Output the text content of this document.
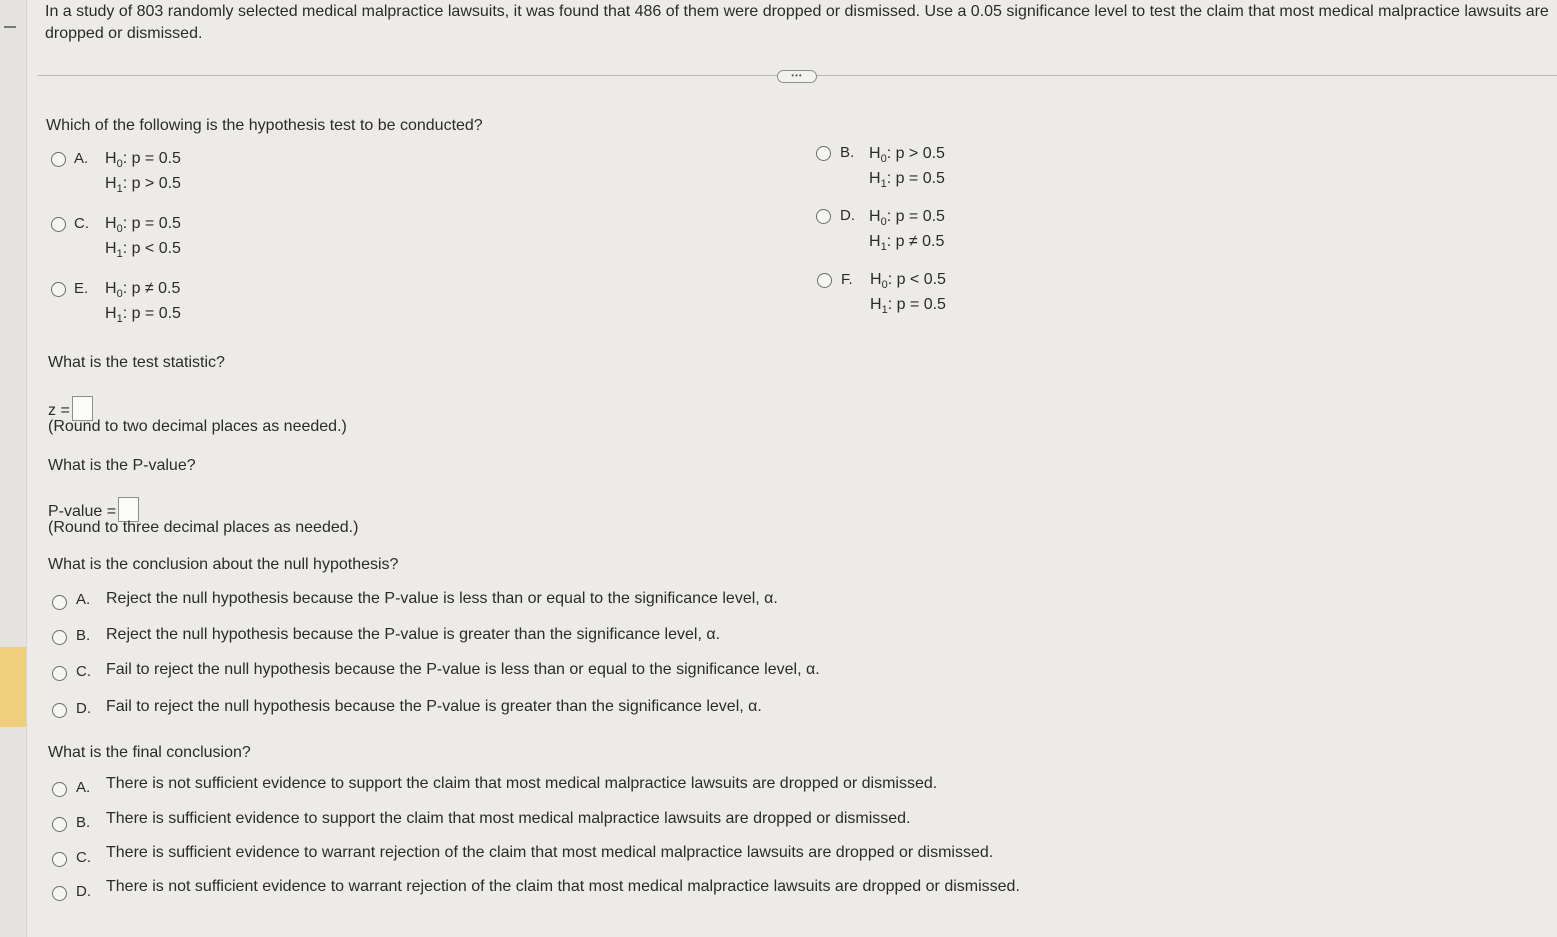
In a study of 803 randomly selected medical malpractice lawsuits, it was found that 486 of them were dropped or dismissed. Use a 0.05 significance level to test the claim that most medical malpractice lawsuits are dropped or dismissed.
•••
Which of the following is the hypothesis test to be conducted?
A. $H_0$: p = 0.5
$H_1$: p > 0.5
B. $H_0$: p > 0.5
$H_1$: p = 0.5
C. $H_0$: p = 0.5
$H_1$: p < 0.5
D. $H_0$: p = 0.5
$H_1$: p ≠ 0.5
E. $H_0$: p ≠ 0.5
$H_1$: p = 0.5
F. $H_0$: p < 0.5
$H_1$: p = 0.5
What is the test statistic?
z =
(Round to two decimal places as needed.)
What is the P-value?
P-value =
(Round to three decimal places as needed.)
What is the conclusion about the null hypothesis?
A. Reject the null hypothesis because the P-value is less than or equal to the significance level, α.
B. Reject the null hypothesis because the P-value is greater than the significance level, α.
C. Fail to reject the null hypothesis because the P-value is less than or equal to the significance level, α.
D. Fail to reject the null hypothesis because the P-value is greater than the significance level, α.
What is the final conclusion?
A. There is not sufficient evidence to support the claim that most medical malpractice lawsuits are dropped or dismissed.
B. There is sufficient evidence to support the claim that most medical malpractice lawsuits are dropped or dismissed.
C. There is sufficient evidence to warrant rejection of the claim that most medical malpractice lawsuits are dropped or dismissed.
D. There is not sufficient evidence to warrant rejection of the claim that most medical malpractice lawsuits are dropped or dismissed.
